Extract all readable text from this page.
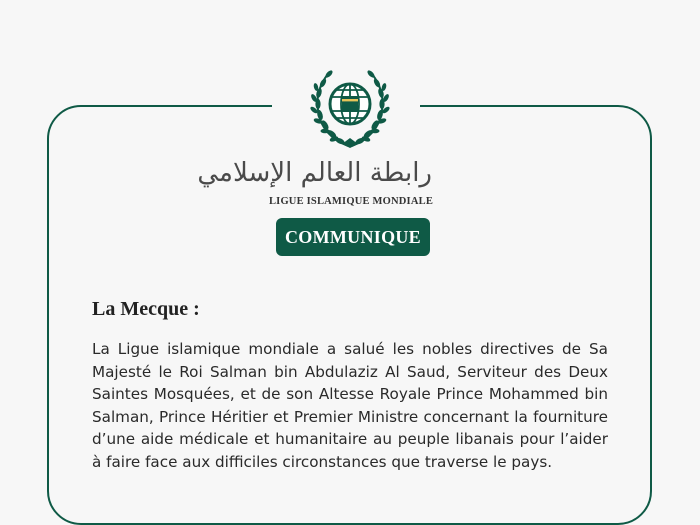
رابطة العالم الإسلامي
LIGUE ISLAMIQUE MONDIALE
COMMUNIQUE
La Mecque :

La Ligue islamique mondiale a salué les nobles directives de Sa Majesté le Roi Salman bin Abdulaziz Al Saud, Serviteur des Deux Saintes Mosquées, et de son Altesse Royale Prince Mohammed bin Salman, Prince Héritier et Premier Ministre concernant la fourniture d’une aide médicale et humanitaire au peuple libanais pour l’aider à faire face aux difficiles circonstances que traverse le pays.
